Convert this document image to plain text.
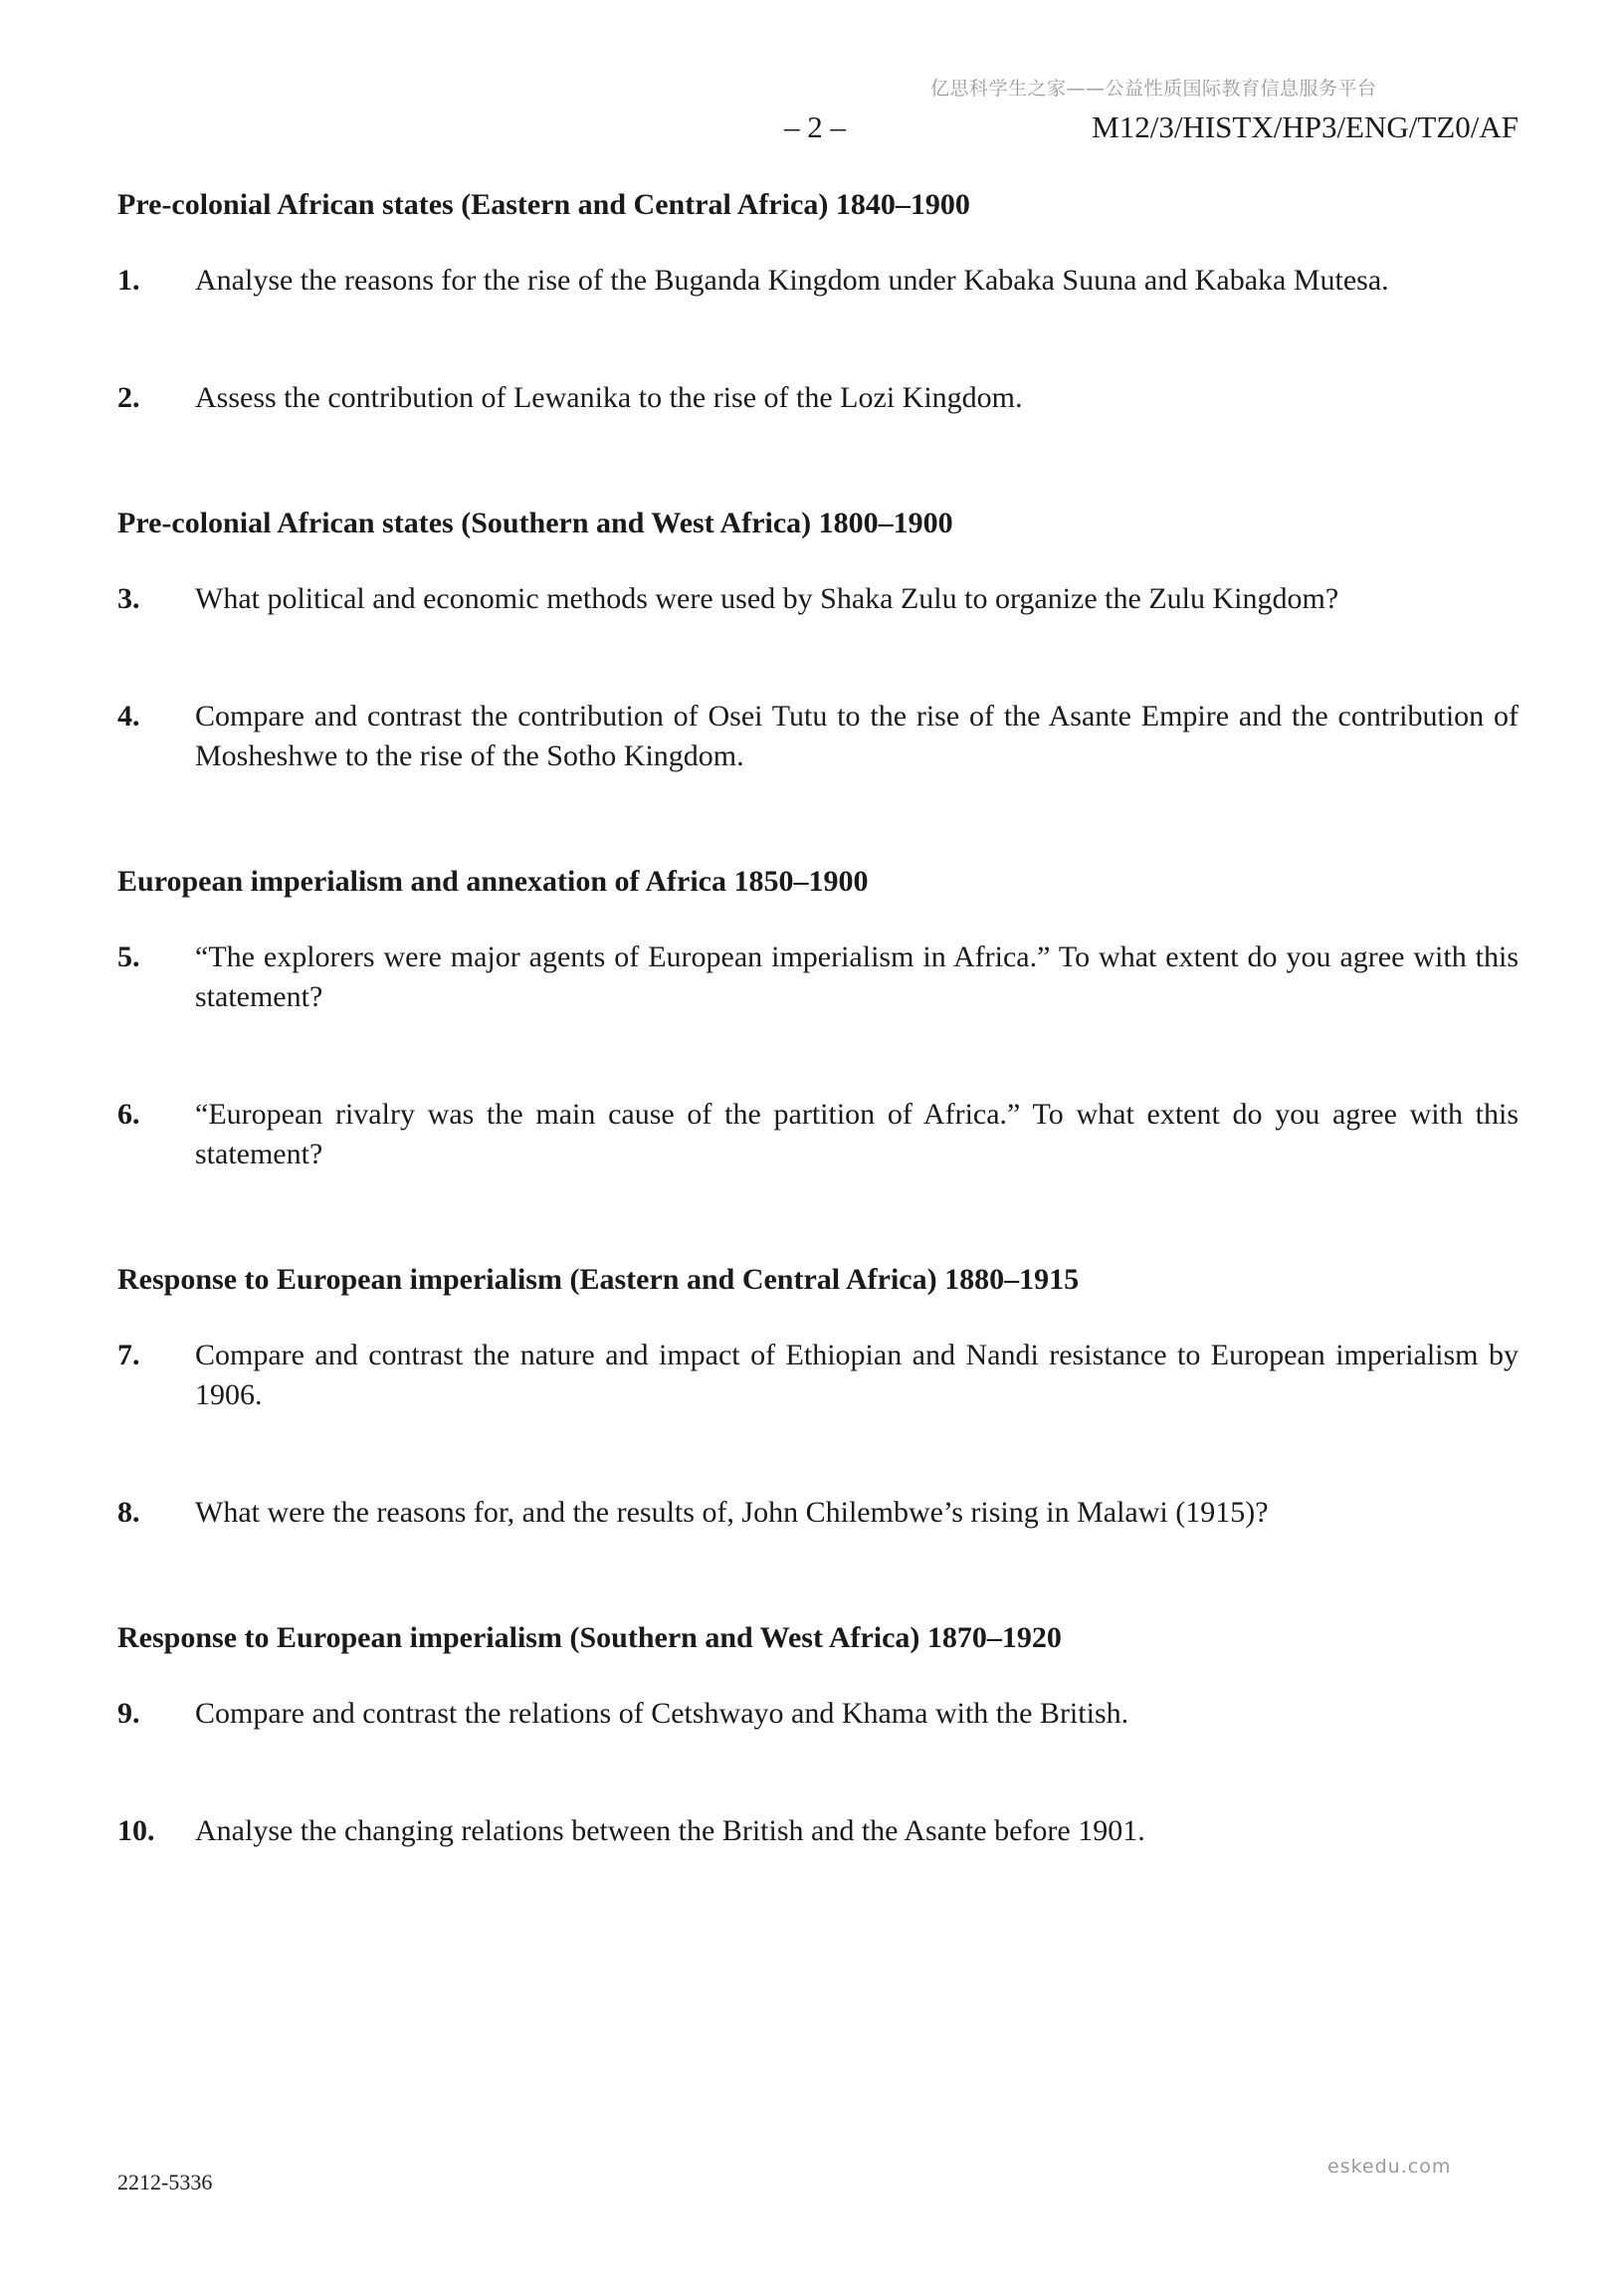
亿思科学生之家——公益性质国际教育信息服务平台
– 2 –	M12/3/HISTX/HP3/ENG/TZ0/AF
Pre-colonial African states (Eastern and Central Africa) 1840–1900
1.	Analyse the reasons for the rise of the Buganda Kingdom under Kabaka Suuna and Kabaka Mutesa.
2.	Assess the contribution of Lewanika to the rise of the Lozi Kingdom.
Pre-colonial African states (Southern and West Africa) 1800–1900
3.	What political and economic methods were used by Shaka Zulu to organize the Zulu Kingdom?
4.	Compare and contrast the contribution of Osei Tutu to the rise of the Asante Empire and the contribution of Mosheshwe to the rise of the Sotho Kingdom.
European imperialism and annexation of Africa 1850–1900
5.	“The explorers were major agents of European imperialism in Africa.” To what extent do you agree with this statement?
6.	“European rivalry was the main cause of the partition of Africa.” To what extent do you agree with this statement?
Response to European imperialism (Eastern and Central Africa) 1880–1915
7.	Compare and contrast the nature and impact of Ethiopian and Nandi resistance to European imperialism by 1906.
8.	What were the reasons for, and the results of, John Chilembwe’s rising in Malawi (1915)?
Response to European imperialism (Southern and West Africa) 1870–1920
9.	Compare and contrast the relations of Cetshwayo and Khama with the British.
10.	Analyse the changing relations between the British and the Asante before 1901.
2212-5336
eskedu.com
